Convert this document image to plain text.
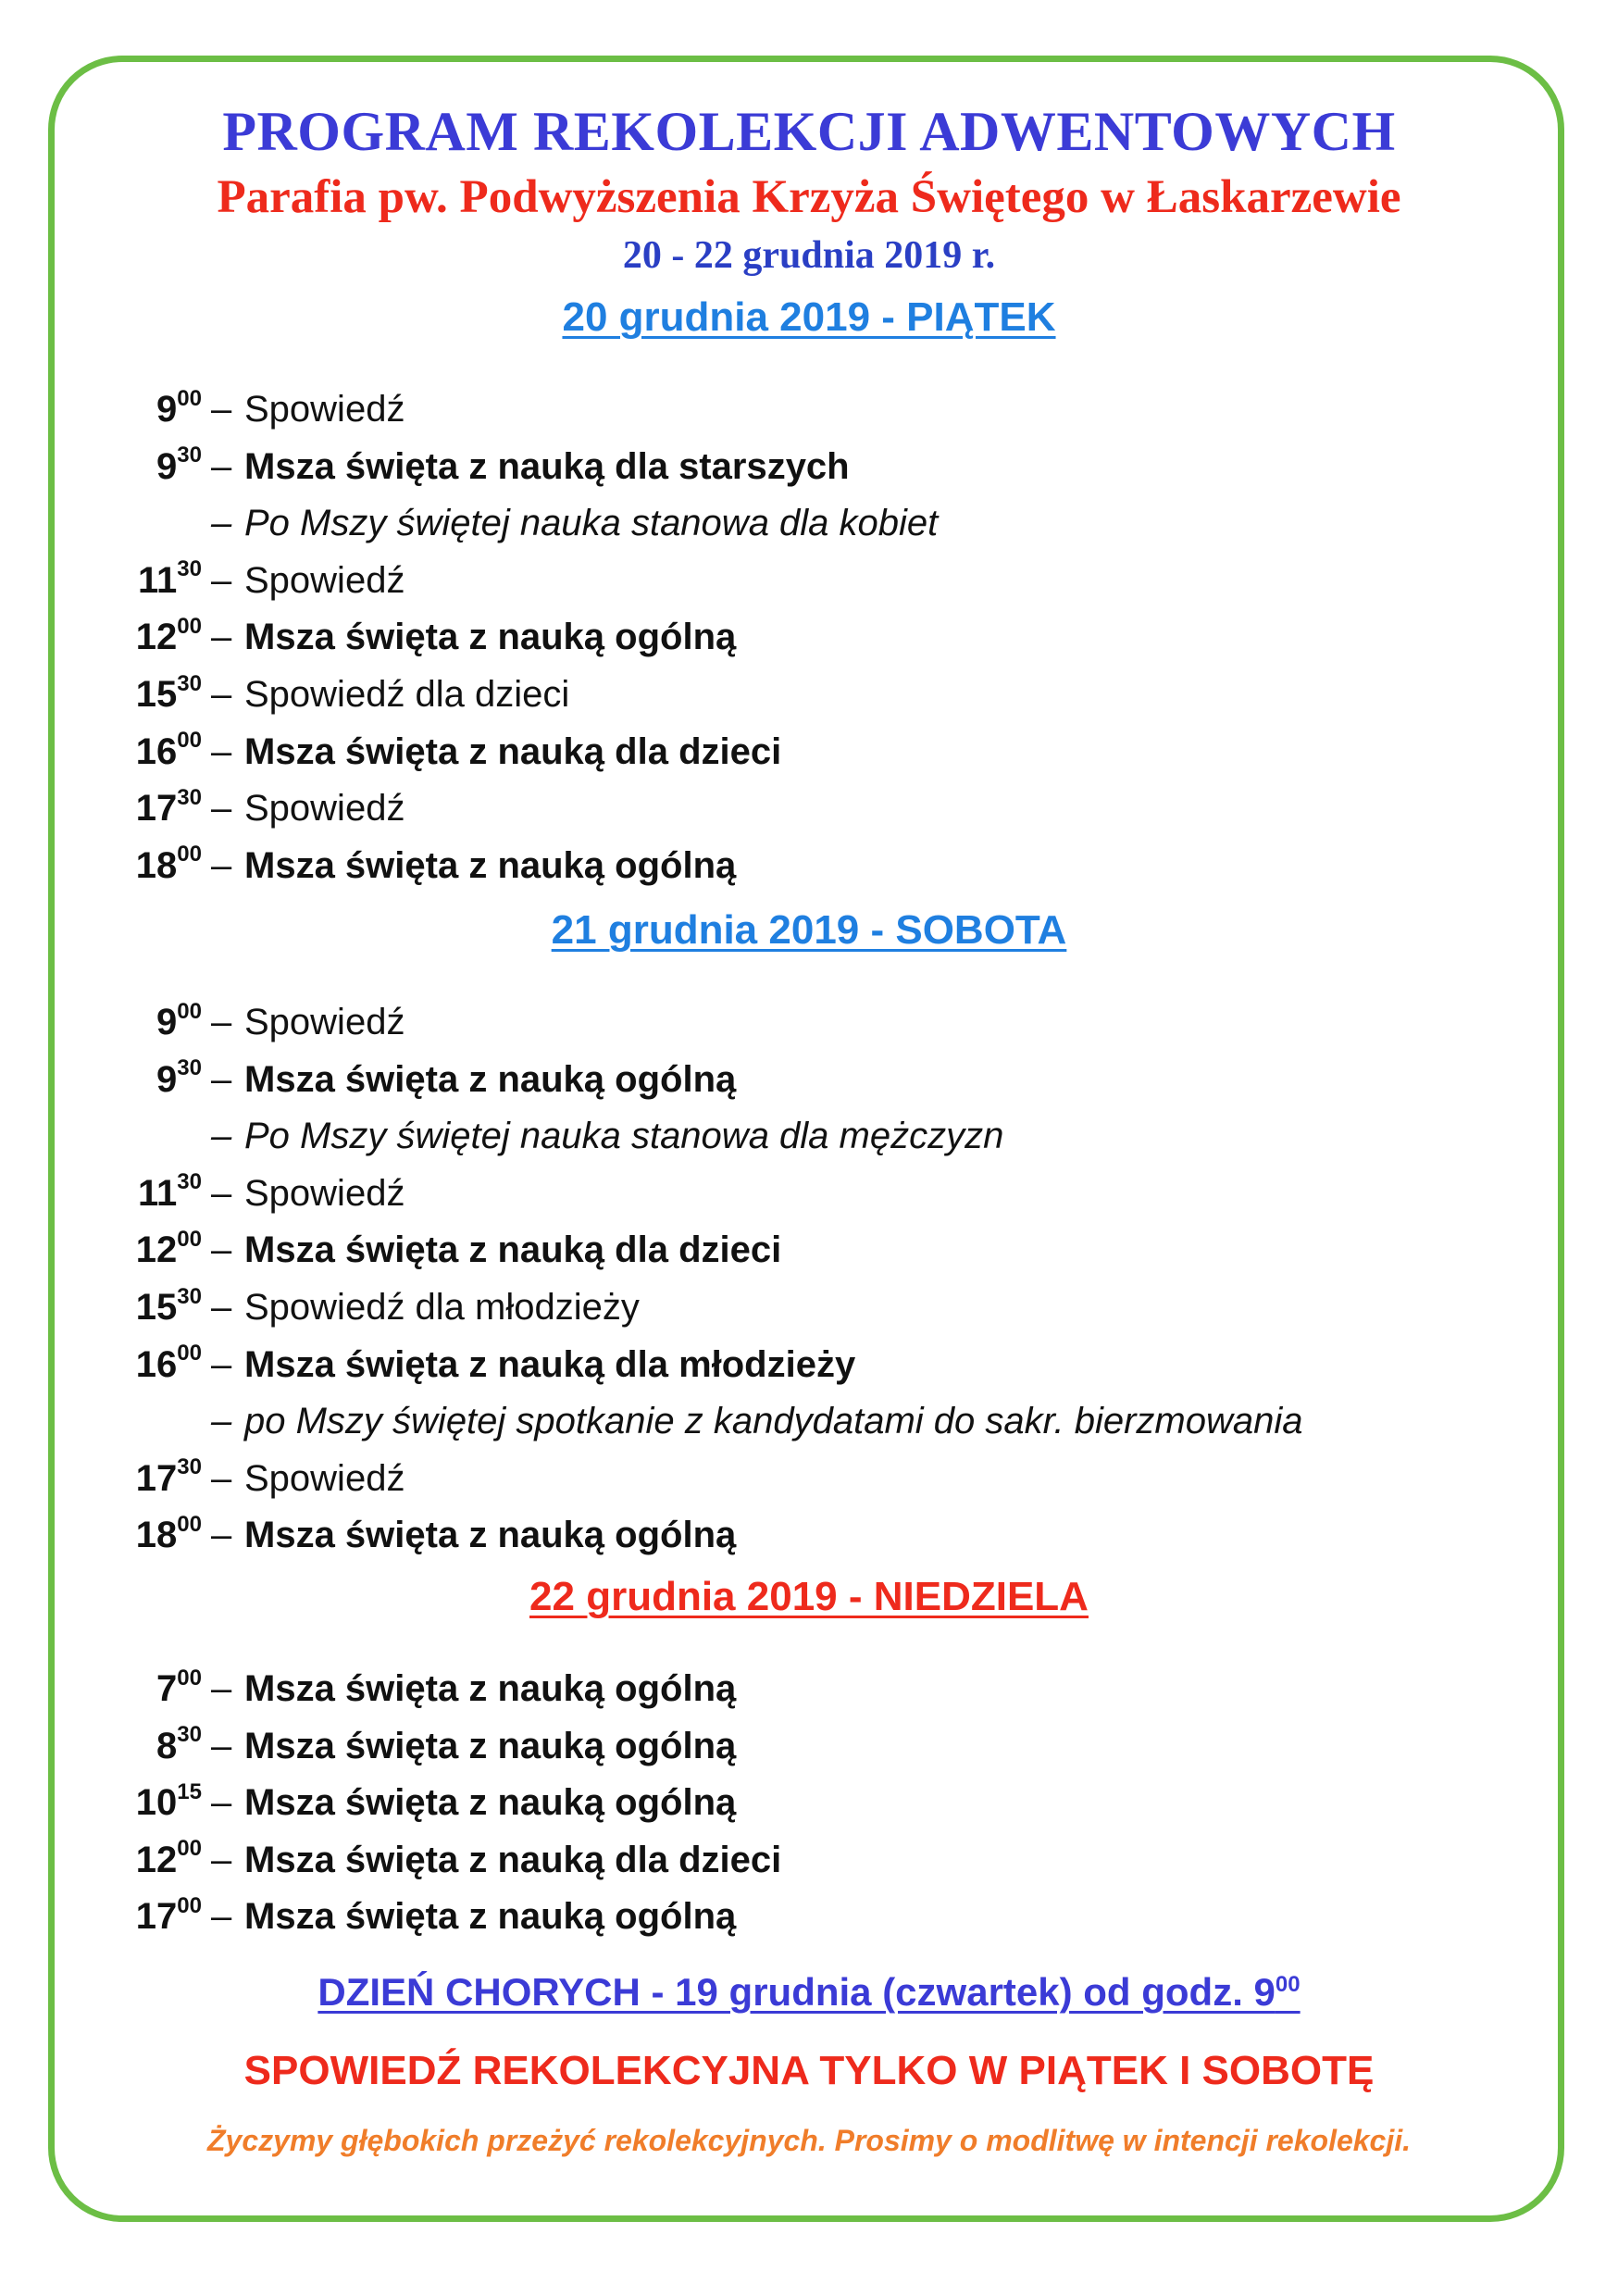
PROGRAM REKOLEKCJI ADWENTOWYCH
Parafia pw. Podwyższenia Krzyża Świętego w Łaskarzewie
20 - 22 grudnia 2019 r.
20 grudnia 2019 - PIĄTEK
$9^{00}$ – Spowiedź
$9^{30}$ – Msza święta z nauką dla starszych
– Po Mszy świętej nauka stanowa dla kobiet
$11^{30}$ – Spowiedź
$12^{00}$ – Msza święta z nauką ogólną
$15^{30}$ – Spowiedź dla dzieci
$16^{00}$ – Msza święta z nauką dla dzieci
$17^{30}$ – Spowiedź
$18^{00}$ – Msza święta z nauką ogólną
21 grudnia 2019 - SOBOTA
$9^{00}$ – Spowiedź
$9^{30}$ – Msza święta z nauką ogólną
– Po Mszy świętej nauka stanowa dla mężczyzn
$11^{30}$ – Spowiedź
$12^{00}$ – Msza święta z nauką dla dzieci
$15^{30}$ – Spowiedź dla młodzieży
$16^{00}$ – Msza święta z nauką dla młodzieży
– po Mszy świętej spotkanie z kandydatami do sakr. bierzmowania
$17^{30}$ – Spowiedź
$18^{00}$ – Msza święta z nauką ogólną
22 grudnia 2019 - NIEDZIELA
$7^{00}$ – Msza święta z nauką ogólną
$8^{30}$ – Msza święta z nauką ogólną
$10^{15}$ – Msza święta z nauką ogólną
$12^{00}$ – Msza święta z nauką dla dzieci
$17^{00}$ – Msza święta z nauką ogólną
DZIEŃ CHORYCH - 19 grudnia (czwartek) od godz. $9^{00}$
SPOWIEDŹ REKOLEKCYJNA TYLKO W PIĄTEK I SOBOTĘ
Życzymy głębokich przeżyć rekolekcyjnych. Prosimy o modlitwę w intencji rekolekcji.
